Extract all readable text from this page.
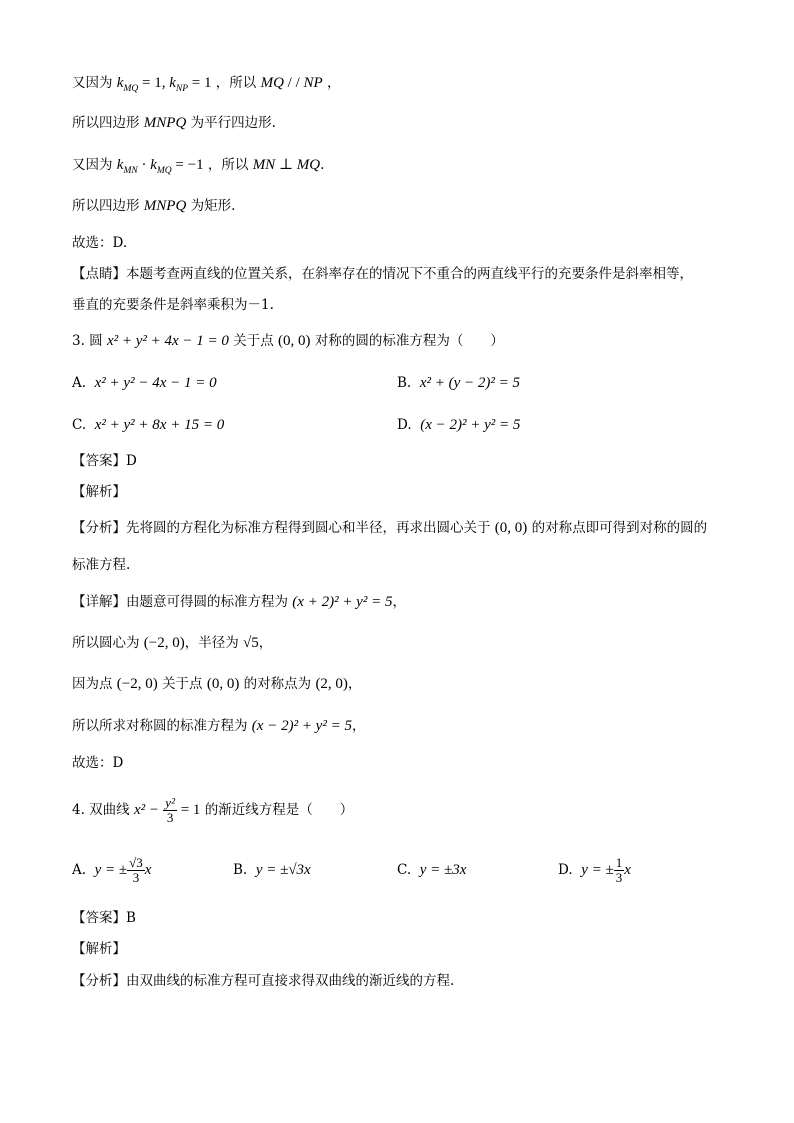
又因为 $k_{MQ} = 1$, $k_{NP} = 1$ ，所以 MQ / / NP ，
所以四边形 MNPQ 为平行四边形.
又因为 $k_{MN} \cdot k_{MQ} = -1$ ，所以 MN ⊥ MQ.
所以四边形 MNPQ 为矩形.
故选：D.
【点睛】本题考查两直线的位置关系，在斜率存在的情况下不重合的两直线平行的充要条件是斜率相等，
垂直的充要条件是斜率乘积为－1.
3. 圆 x² + y² + 4x − 1 = 0 关于点 (0, 0) 对称的圆的标准方程为（　　）
A. x² + y² − 4x − 1 = 0	B. x² + (y − 2)² = 5
C. x² + y² + 8x + 15 = 0	D. (x − 2)² + y² = 5
【答案】D
【解析】
【分析】先将圆的方程化为标准方程得到圆心和半径，再求出圆心关于 (0, 0) 的对称点即可得到对称的圆的
标准方程.
【详解】由题意可得圆的标准方程为 (x + 2)² + y² = 5，
所以圆心为 (−2, 0)，半径为 √5，
因为点 (−2, 0) 关于点 (0, 0) 的对称点为 (2, 0)，
所以所求对称圆的标准方程为 (x − 2)² + y² = 5，
故选：D
4. 双曲线 $x^2 - \frac{\text{y²}}{3} = 1$ 的渐近线方程是（　　）
A. y = ± $\frac{√3}{3}$ x	B. y = ±√3x	C. y = ±3x	D. y = ± $\frac{1}{3}$ x
【答案】B
【解析】
【分析】由双曲线的标准方程可直接求得双曲线的渐近线的方程.
